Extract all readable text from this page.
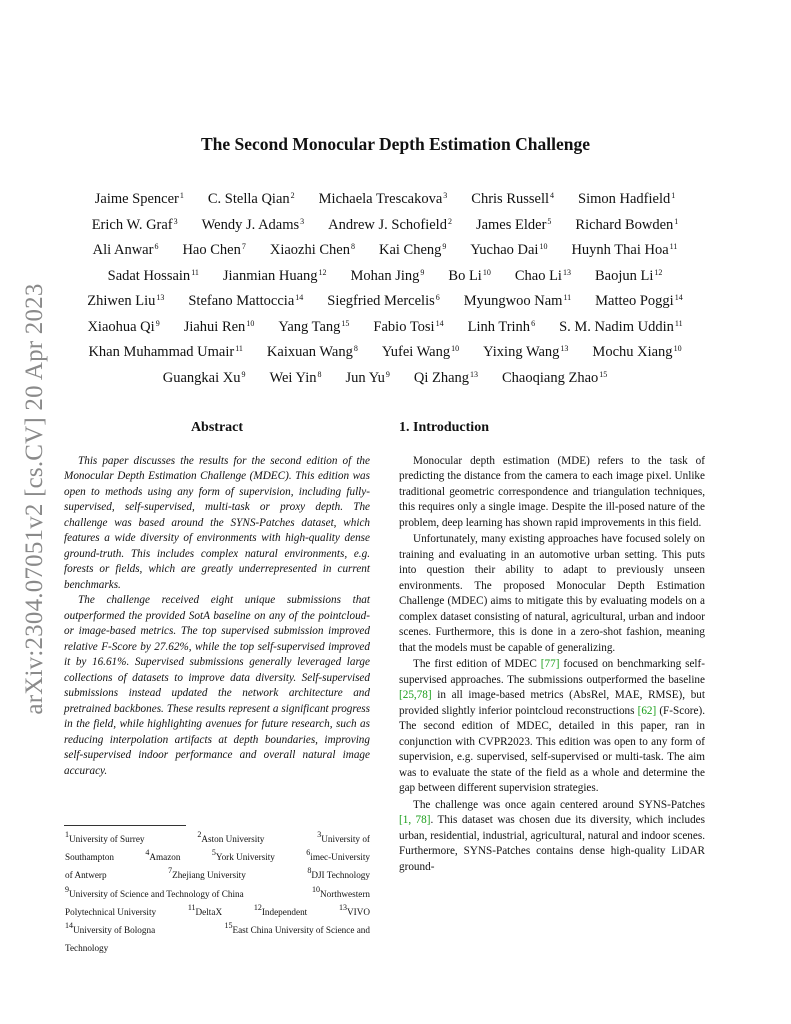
arXiv:2304.07051v2 [cs.CV] 20 Apr 2023
The Second Monocular Depth Estimation Challenge
Jaime Spencer$^1$ C. Stella Qian$^2$ Michaela Trescakova$^3$ Chris Russell$^4$ Simon Hadfield$^1$
Erich W. Graf$^3$ Wendy J. Adams$^3$ Andrew J. Schofield$^2$ James Elder$^5$ Richard Bowden$^1$
Ali Anwar$^6$ Hao Chen$^7$ Xiaozhi Chen$^8$ Kai Cheng$^9$ Yuchao Dai$^{10}$ Huynh Thai Hoa$^{11}$
Sadat Hossain$^{11}$ Jianmian Huang$^{12}$ Mohan Jing$^9$ Bo Li$^{10}$ Chao Li$^{13}$ Baojun Li$^{12}$
Zhiwen Liu$^{13}$ Stefano Mattoccia$^{14}$ Siegfried Mercelis$^6$ Myungwoo Nam$^{11}$ Matteo Poggi$^{14}$
Xiaohua Qi$^9$ Jiahui Ren$^{10}$ Yang Tang$^{15}$ Fabio Tosi$^{14}$ Linh Trinh$^6$ S. M. Nadim Uddin$^{11}$
Khan Muhammad Umair$^{11}$ Kaixuan Wang$^8$ Yufei Wang$^{10}$ Yixing Wang$^{13}$ Mochu Xiang$^{10}$
Guangkai Xu$^9$ Wei Yin$^8$ Jun Yu$^9$ Qi Zhang$^{13}$ Chaoqiang Zhao$^{15}$
Abstract

This paper discusses the results for the second edition of the Monocular Depth Estimation Challenge (MDEC). This edition was open to methods using any form of supervision, including fully-supervised, self-supervised, multi-task or proxy depth. The challenge was based around the SYNS-Patches dataset, which features a wide diversity of environments with high-quality dense ground-truth. This includes complex natural environments, e.g. forests or fields, which are greatly underrepresented in current benchmarks.

The challenge received eight unique submissions that outperformed the provided SotA baseline on any of the pointcloud- or image-based metrics. The top supervised submission improved relative F-Score by 27.62%, while the top self-supervised improved it by 16.61%. Supervised submissions generally leveraged large collections of datasets to improve data diversity. Self-supervised submissions instead updated the network architecture and pretrained backbones. These results represent a significant progress in the field, while highlighting avenues for future research, such as reducing interpolation artifacts at depth boundaries, improving self-supervised indoor performance and overall natural image accuracy.

$^1$University of Surrey	$^2$Aston University	$^3$University of
Southampton	$^4$Amazon	$^5$York University	$^6$imec-University
of Antwerp	$^7$Zhejiang University	$^8$DJI Technology
$^9$University of Science and Technology of China	$^{10}$Northwestern
Polytechnical University	$^{11}$DeltaX	$^{12}$Independent	$^{13}$VIVO
$^{14}$University of Bologna	$^{15}$East China University of Science and
Technology
1. Introduction

Monocular depth estimation (MDE) refers to the task of predicting the distance from the camera to each image pixel. Unlike traditional geometric correspondence and triangulation techniques, this requires only a single image. Despite the ill-posed nature of the problem, deep learning has shown rapid improvements in this field.

Unfortunately, many existing approaches have focused solely on training and evaluating in an automotive urban setting. This puts into question their ability to adapt to previously unseen environments. The proposed Monocular Depth Estimation Challenge (MDEC) aims to mitigate this by evaluating models on a complex dataset consisting of natural, agricultural, urban and indoor scenes. Furthermore, this is done in a zero-shot fashion, meaning that the models must be capable of generalizing.

The first edition of MDEC [77] focused on benchmarking self-supervised approaches. The submissions outperformed the baseline [25,78] in all image-based metrics (AbsRel, MAE, RMSE), but provided slightly inferior pointcloud reconstructions [62] (F-Score). The second edition of MDEC, detailed in this paper, ran in conjunction with CVPR2023. This edition was open to any form of supervision, e.g. supervised, self-supervised or multi-task. The aim was to evaluate the state of the field as a whole and determine the gap between different supervision strategies.

The challenge was once again centered around SYNS-Patches [1, 78]. This dataset was chosen due its diversity, which includes urban, residential, industrial, agricultural, natural and indoor scenes. Furthermore, SYNS-Patches contains dense high-quality LiDAR ground-
